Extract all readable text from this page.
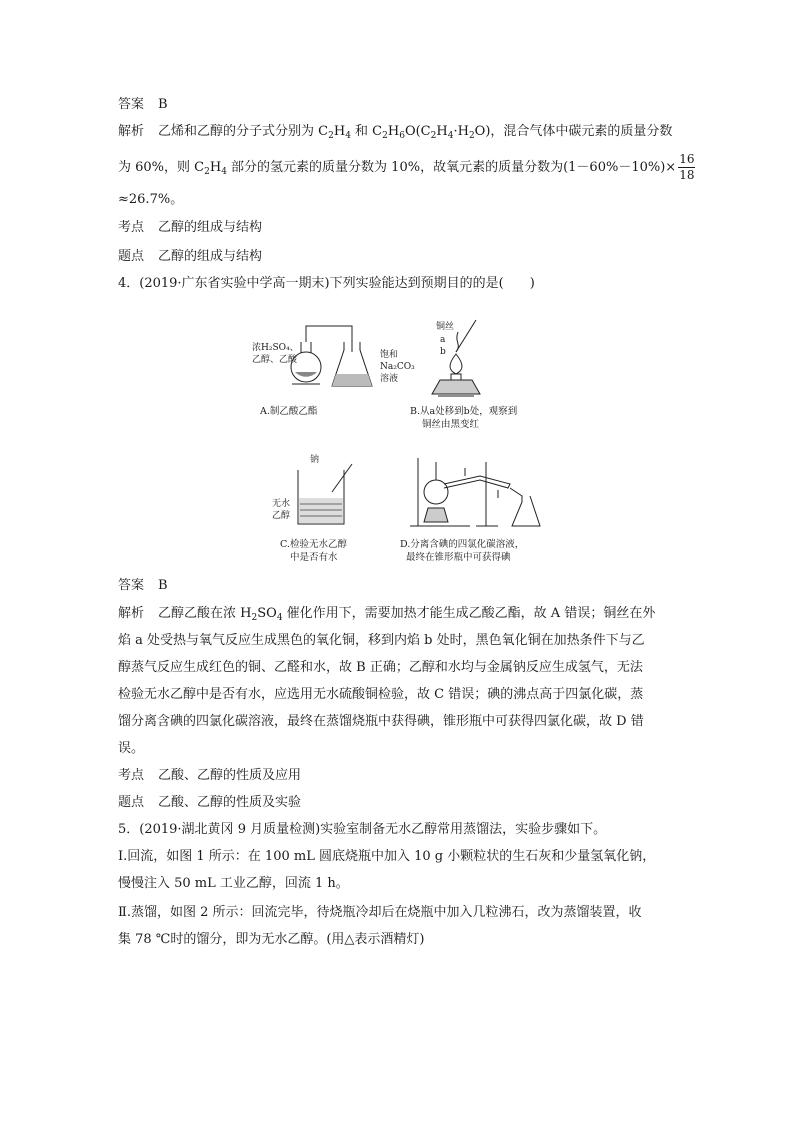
答案 B
解析 乙烯和乙醇的分子式分别为 $C_2H_4$ 和 $C_2H_6O(C_2H_4\cdot H_2O)$，混合气体中碳元素的质量分数
为 60%，则 $C_2H_4$ 部分的氢元素的质量分数为 10%，故氧元素的质量分数为$(1-60\%-10\%)\times \frac{16}{18}$
≈26.7%。
考点 乙醇的组成与结构
题点 乙醇的组成与结构
4．(2019·广东省实验中学高一期末)下列实验能达到预期目的的是(　　)
浓H₂SO₄、
乙醇、乙酸	饱和
Na₂CO₃
溶液
A.制乙酸乙酯
铜丝
a
b
B.从a处移到b处，观察到
铜丝由黑变红
钠
无水
乙醇
C.检验无水乙醇
中是否有水
D.分离含碘的四氯化碳溶液，
最终在锥形瓶中可获得碘
答案 B
解析 乙醇乙酸在浓 $H_2SO_4$ 催化作用下，需要加热才能生成乙酸乙酯，故 A 错误；铜丝在外
焰 a 处受热与氧气反应生成黑色的氧化铜，移到内焰 b 处时，黑色氧化铜在加热条件下与乙
醇蒸气反应生成红色的铜、乙醛和水，故 B 正确；乙醇和水均与金属钠反应生成氢气，无法
检验无水乙醇中是否有水，应选用无水硫酸铜检验，故 C 错误；碘的沸点高于四氯化碳，蒸
馏分离含碘的四氯化碳溶液，最终在蒸馏烧瓶中获得碘，锥形瓶中可获得四氯化碳，故 D 错
误。
考点 乙酸、乙醇的性质及应用
题点 乙酸、乙醇的性质及实验
5．(2019·湖北黄冈 9 月质量检测)实验室制备无水乙醇常用蒸馏法，实验步骤如下。
Ⅰ.回流，如图 1 所示：在 100 mL 圆底烧瓶中加入 10 g 小颗粒状的生石灰和少量氢氧化钠，
慢慢注入 50 mL 工业乙醇，回流 1 h。
Ⅱ.蒸馏，如图 2 所示：回流完毕，待烧瓶冷却后在烧瓶中加入几粒沸石，改为蒸馏装置，收
集 78 ℃时的馏分，即为无水乙醇。(用△表示酒精灯)
